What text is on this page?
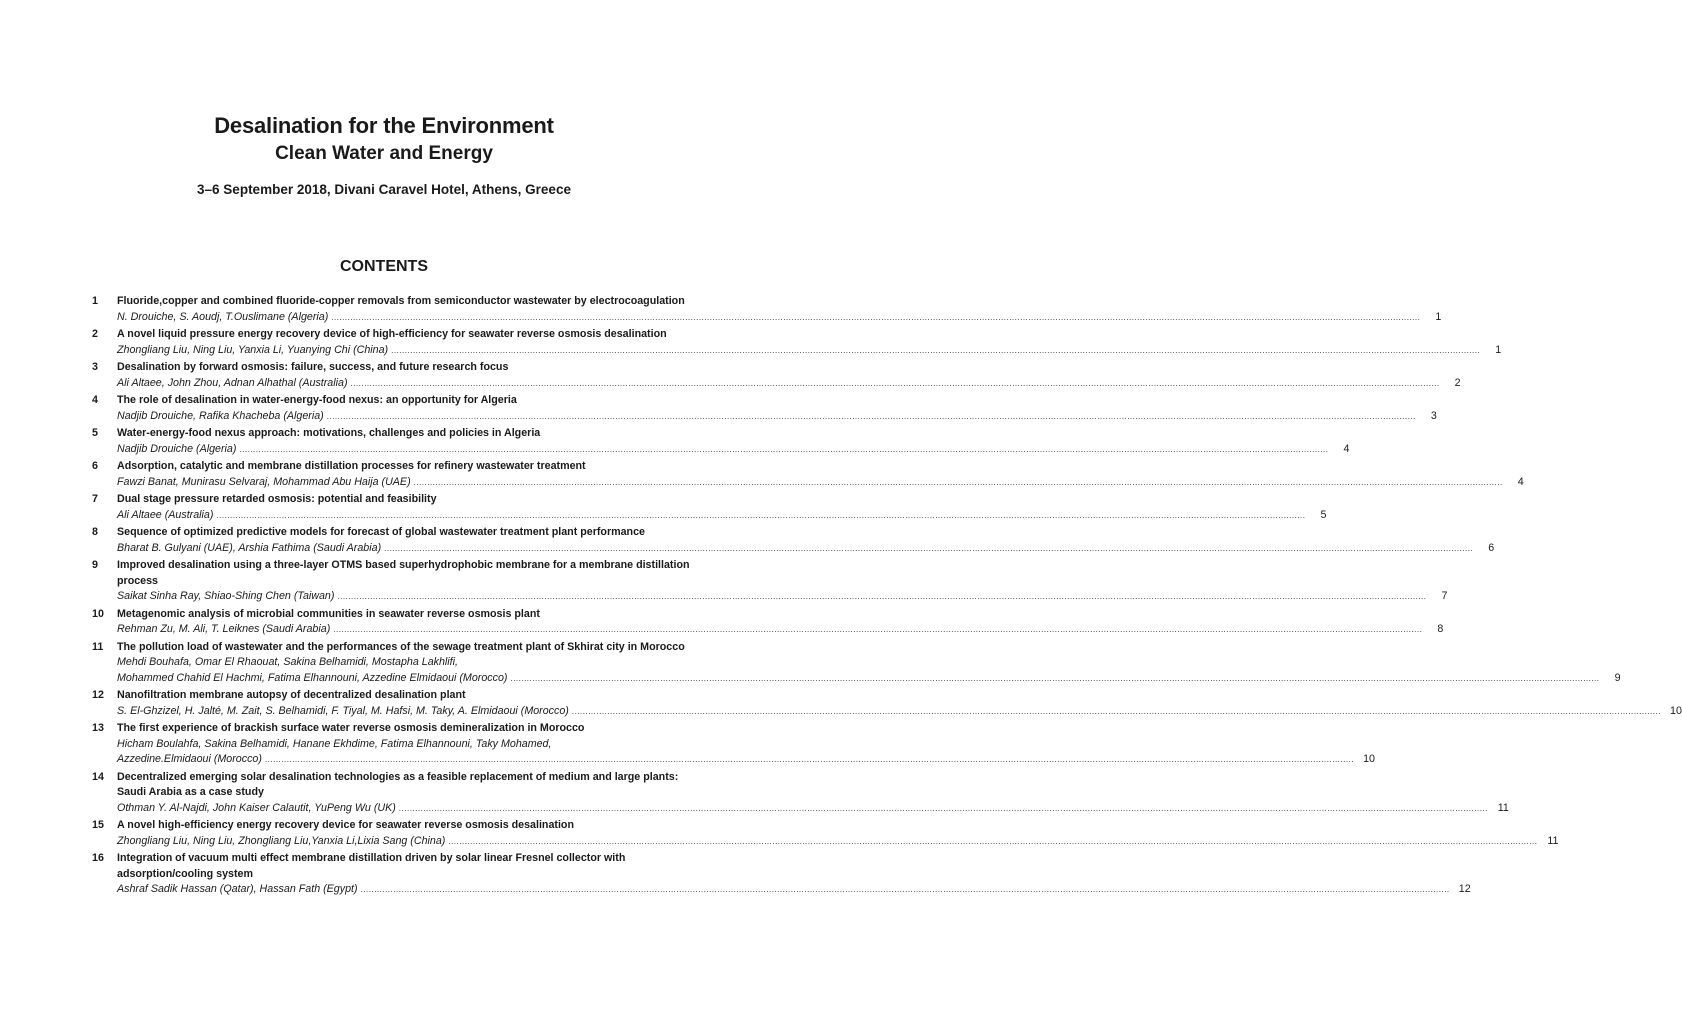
Desalination for the Environment
Clean Water and Energy
3–6 September 2018, Divani Caravel Hotel, Athens, Greece
CONTENTS
1 Fluoride,copper and combined fluoride-copper removals from semiconductor wastewater by electrocoagulation
N. Drouiche, S. Aoudj, T.Ouslimane (Algeria) ................................................................................................................................................................................................................................................................................................................................................................................................................	1
2 A novel liquid pressure energy recovery device of high-efficiency for seawater reverse osmosis desalination
Zhongliang Liu, Ning Liu, Yanxia Li, Yuanying Chi (China) ................................................................................................................................................................................................................................................................................................................................................................................................................	1
3 Desalination by forward osmosis: failure, success, and future research focus
Ali Altaee, John Zhou, Adnan Alhathal (Australia) ................................................................................................................................................................................................................................................................................................................................................................................................................	2
4 The role of desalination in water-energy-food nexus: an opportunity for Algeria
Nadjib Drouiche, Rafika Khacheba (Algeria) ................................................................................................................................................................................................................................................................................................................................................................................................................	3
5 Water-energy-food nexus approach: motivations, challenges and policies in Algeria
Nadjib Drouiche (Algeria) ................................................................................................................................................................................................................................................................................................................................................................................................................	4
6 Adsorption, catalytic and membrane distillation processes for refinery wastewater treatment
Fawzi Banat, Munirasu Selvaraj, Mohammad Abu Haija (UAE) ................................................................................................................................................................................................................................................................................................................................................................................................................	4
7 Dual stage pressure retarded osmosis: potential and feasibility
Ali Altaee (Australia) ................................................................................................................................................................................................................................................................................................................................................................................................................	5
8 Sequence of optimized predictive models for forecast of global wastewater treatment plant performance
Bharat B. Gulyani (UAE), Arshia Fathima (Saudi Arabia) ................................................................................................................................................................................................................................................................................................................................................................................................................	6
9 Improved desalination using a three-layer OTMS based superhydrophobic membrane for a membrane distillation process
Saikat Sinha Ray, Shiao-Shing Chen (Taiwan) ................................................................................................................................................................................................................................................................................................................................................................................................................	7
10 Metagenomic analysis of microbial communities in seawater reverse osmosis plant
Rehman Zu, M. Ali, T. Leiknes (Saudi Arabia) ................................................................................................................................................................................................................................................................................................................................................................................................................	8
11 The pollution load of wastewater and the performances of the sewage treatment plant of Skhirat city in Morocco
Mehdi Bouhafa, Omar El Rhaouat, Sakina Belhamidi, Mostapha Lakhlifi,
Mohammed Chahid El Hachmi, Fatima Elhannouni, Azzedine Elmidaoui (Morocco) ................................................................................................................................................................................................................................................................................................................................................................................................................	9
12 Nanofiltration membrane autopsy of decentralized desalination plant
S. El-Ghzizel, H. Jalté, M. Zait, S. Belhamidi, F. Tiyal, M. Hafsi, M. Taky, A. Elmidaoui (Morocco) ................................................................................................................................................................................................................................................................................................................................................................................................................ 10
13 The first experience of brackish surface water reverse osmosis demineralization in Morocco
Hicham Boulahfa, Sakina Belhamidi, Hanane Ekhdime, Fatima Elhannouni, Taky Mohamed,
Azzedine.Elmidaoui (Morocco) ................................................................................................................................................................................................................................................................................................................................................................................................................ 10
14 Decentralized emerging solar desalination technologies as a feasible replacement of medium and large plants: Saudi Arabia as a case study
Othman Y. Al-Najdi, John Kaiser Calautit, YuPeng Wu (UK) ................................................................................................................................................................................................................................................................................................................................................................................................................ 11
15 A novel high-efficiency energy recovery device for seawater reverse osmosis desalination
Zhongliang Liu, Ning Liu, Zhongliang Liu,Yanxia Li,Lixia Sang (China) ................................................................................................................................................................................................................................................................................................................................................................................................................ 11
16 Integration of vacuum multi effect membrane distillation driven by solar linear Fresnel collector with adsorption/cooling system
Ashraf Sadik Hassan (Qatar), Hassan Fath (Egypt) ................................................................................................................................................................................................................................................................................................................................................................................................................ 12
